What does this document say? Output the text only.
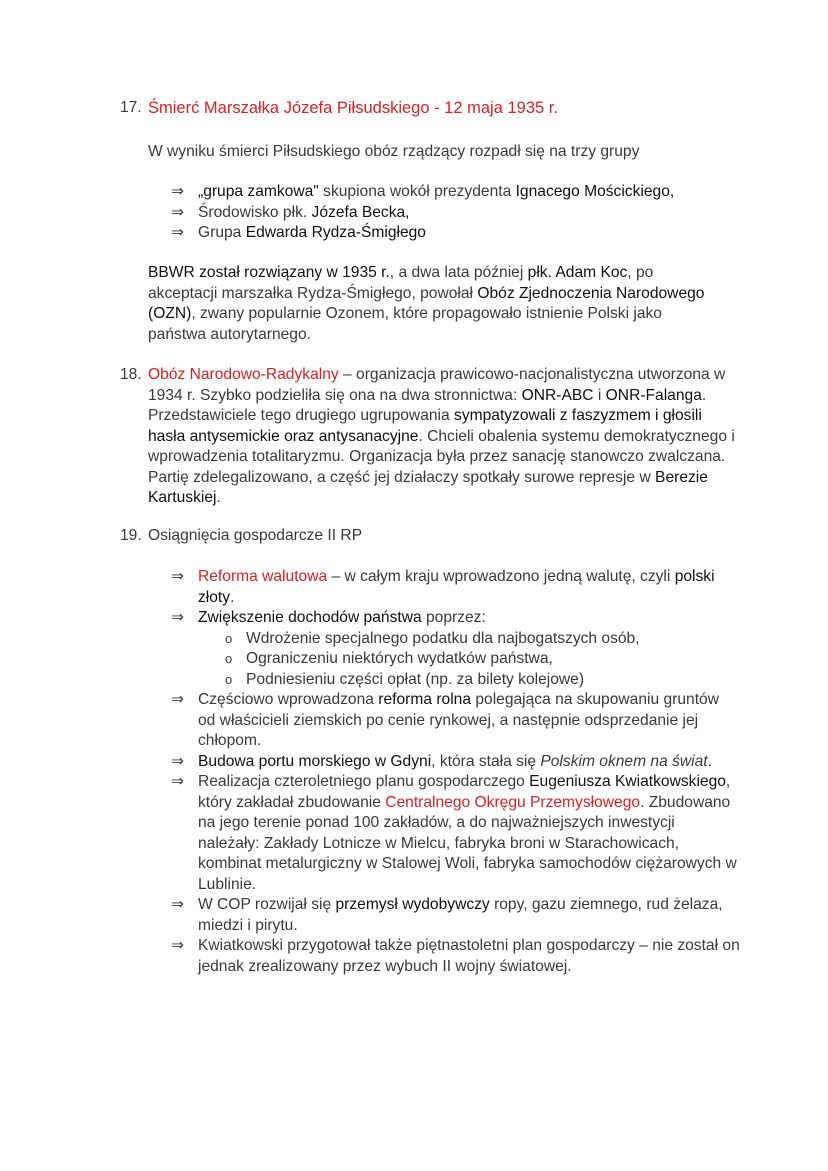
17. Śmierć Marszałka Józefa Piłsudskiego - 12 maja 1935 r.
W wyniku śmierci Piłsudskiego obóz rządzący rozpadł się na trzy grupy
⇒ „grupa zamkowa" skupiona wokół prezydenta Ignacego Mościckiego,
⇒ Środowisko płk. Józefa Becka,
⇒ Grupa Edwarda Rydza-Śmigłego
BBWR został rozwiązany w 1935 r., a dwa lata później płk. Adam Koc, po akceptacji marszałka Rydza-Śmigłego, powołał Obóz Zjednoczenia Narodowego (OZN), zwany popularnie Ozonem, które propagowało istnienie Polski jako państwa autorytarnego.
18. Obóz Narodowo-Radykalny – organizacja prawicowo-nacjonalistyczna utworzona w 1934 r. Szybko podzieliła się ona na dwa stronnictwa: ONR-ABC i ONR-Falanga. Przedstawiciele tego drugiego ugrupowania sympatyzowali z faszyzmem i głosili hasła antysemickie oraz antysanacyjne. Chcieli obalenia systemu demokratycznego i wprowadzenia totalitaryzmu. Organizacja była przez sanację stanowczo zwalczana. Partię zdelegalizowano, a część jej działaczy spotkały surowe represje w Berezie Kartuskiej.
19. Osiągnięcia gospodarcze II RP
⇒ Reforma walutowa – w całym kraju wprowadzono jedną walutę, czyli polski złoty.
⇒ Zwiększenie dochodów państwa poprzez:
o Wdrożenie specjalnego podatku dla najbogatszych osób,
o Ograniczeniu niektórych wydatków państwa,
o Podniesieniu części opłat (np. za bilety kolejowe)
⇒ Częściowo wprowadzona reforma rolna polegająca na skupowaniu gruntów od właścicieli ziemskich po cenie rynkowej, a następnie odsprzedanie jej chłopom.
⇒ Budowa portu morskiego w Gdyni, która stała się Polskim oknem na świat.
⇒ Realizacja czteroletniego planu gospodarczego Eugeniusza Kwiatkowskiego, który zakładał zbudowanie Centralnego Okręgu Przemysłowego. Zbudowano na jego terenie ponad 100 zakładów, a do najważniejszych inwestycji należały: Zakłady Lotnicze w Mielcu, fabryka broni w Starachowicach, kombinat metalurgiczny w Stalowej Woli, fabryka samochodów ciężarowych w Lublinie.
⇒ W COP rozwijał się przemysł wydobywczy ropy, gazu ziemnego, rud żelaza, miedzi i pirytu.
⇒ Kwiatkowski przygotował także piętnastoletni plan gospodarczy – nie został on jednak zrealizowany przez wybuch II wojny światowej.
